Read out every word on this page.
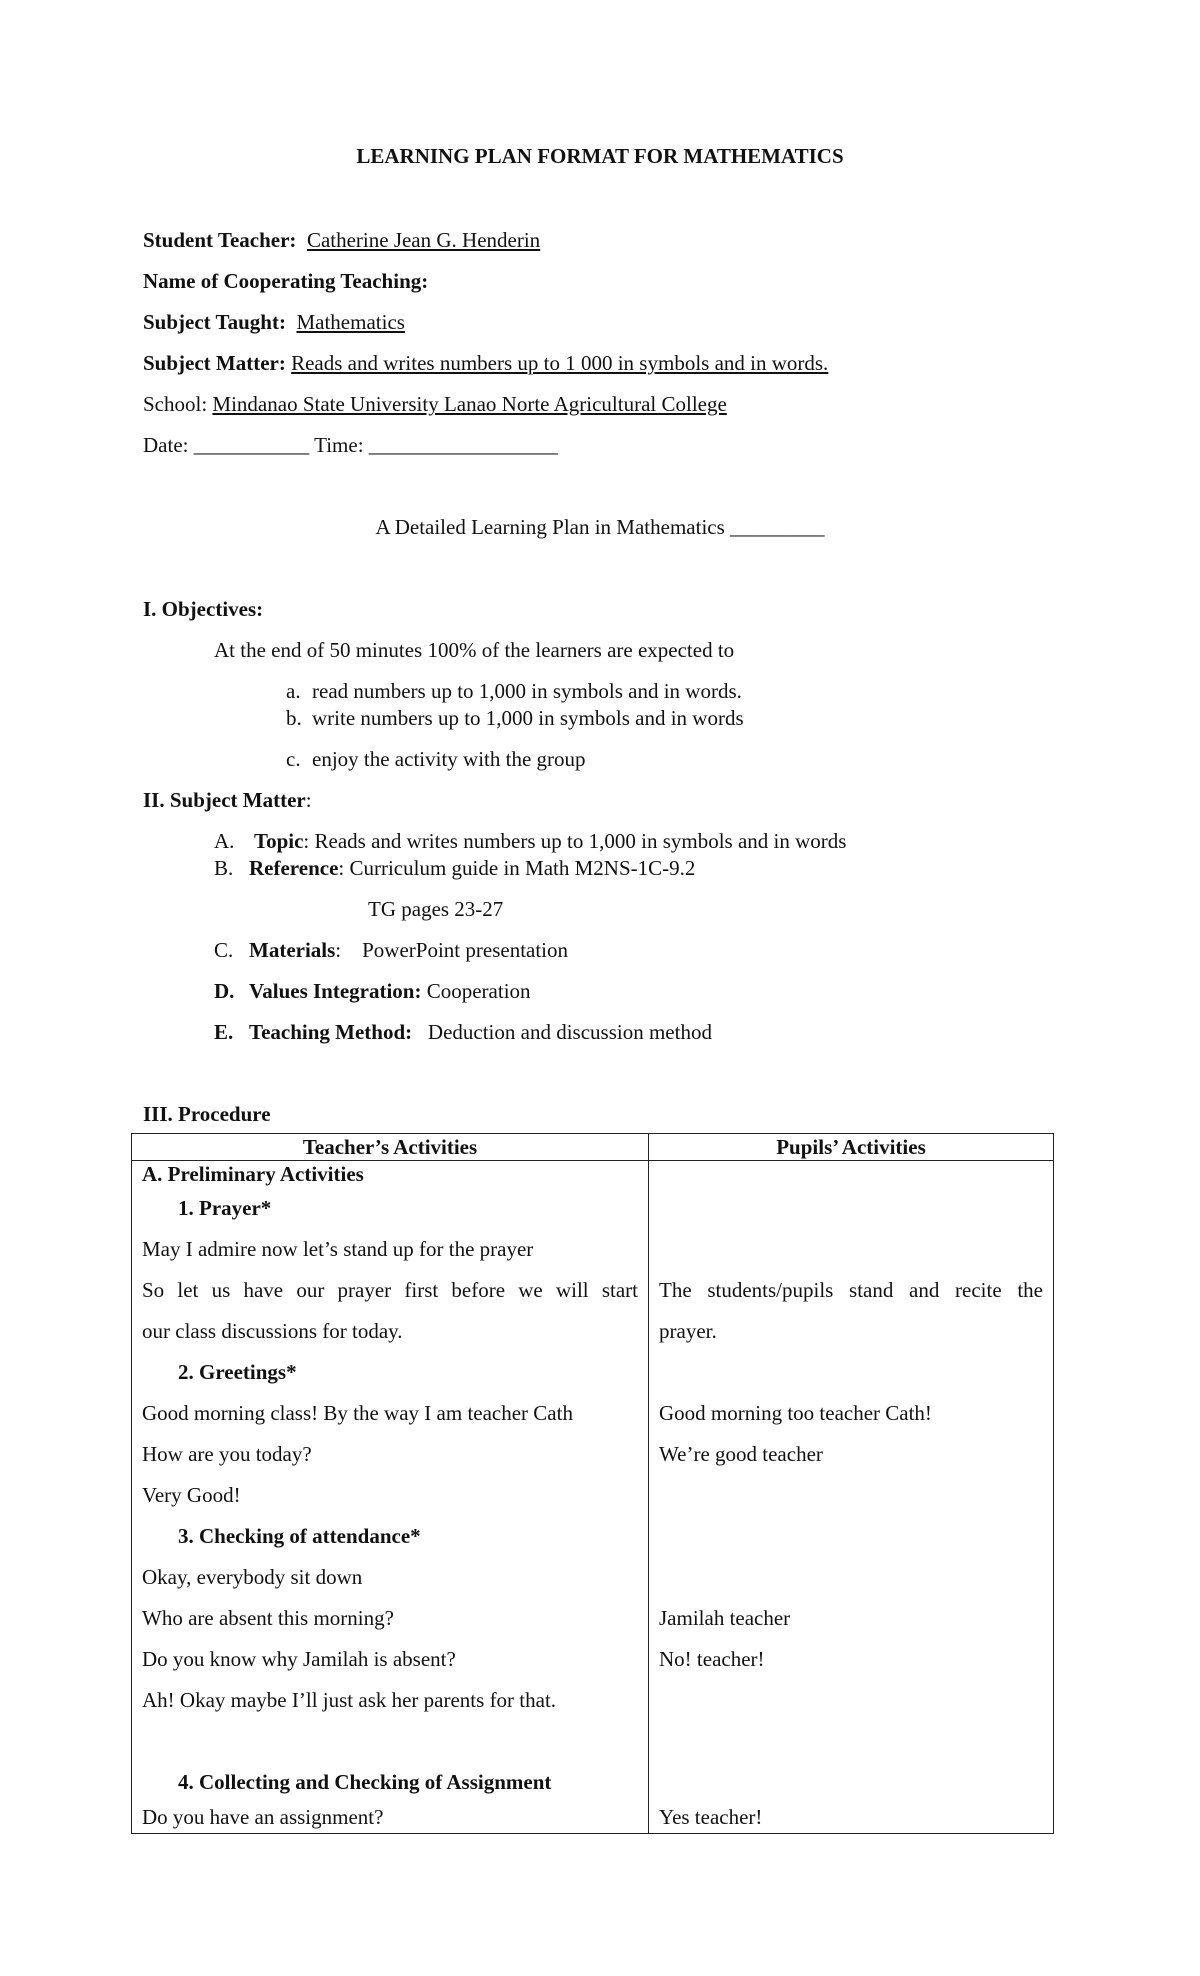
LEARNING PLAN FORMAT FOR MATHEMATICS
Student Teacher: Catherine Jean G. Henderin
Name of Cooperating Teaching:
Subject Taught: Mathematics
Subject Matter: Reads and writes numbers up to 1 000 in symbols and in words.
School: Mindanao State University Lanao Norte Agricultural College
Date: ___________ Time: __________________
A Detailed Learning Plan in Mathematics _________
I. Objectives:
At the end of 50 minutes 100% of the learners are expected to
a. read numbers up to 1,000 in symbols and in words.
b. write numbers up to 1,000 in symbols and in words
c. enjoy the activity with the group
II. Subject Matter:
A. Topic: Reads and writes numbers up to 1,000 in symbols and in words
B. Reference: Curriculum guide in Math M2NS-1C-9.2
TG pages 23-27
C. Materials:    PowerPoint presentation
D. Values Integration: Cooperation
E. Teaching Method:   Deduction and discussion method
III. Procedure
Teacher’s Activities	Pupils’ Activities
A. Preliminary Activities	
1. Prayer*	
May I admire now let’s stand up for the prayer	
So let us have our prayer first before we will start	The students/pupils stand and recite the
our class discussions for today.	prayer.
2. Greetings*	
Good morning class! By the way I am teacher Cath	Good morning too teacher Cath!
How are you today?	We’re good teacher
Very Good!	
3. Checking of attendance*	
Okay, everybody sit down	
Who are absent this morning?	Jamilah teacher
Do you know why Jamilah is absent?	No! teacher!
Ah! Okay maybe I’ll just ask her parents for that.	

4. Collecting and Checking of Assignment	
Do you have an assignment?	Yes teacher!
